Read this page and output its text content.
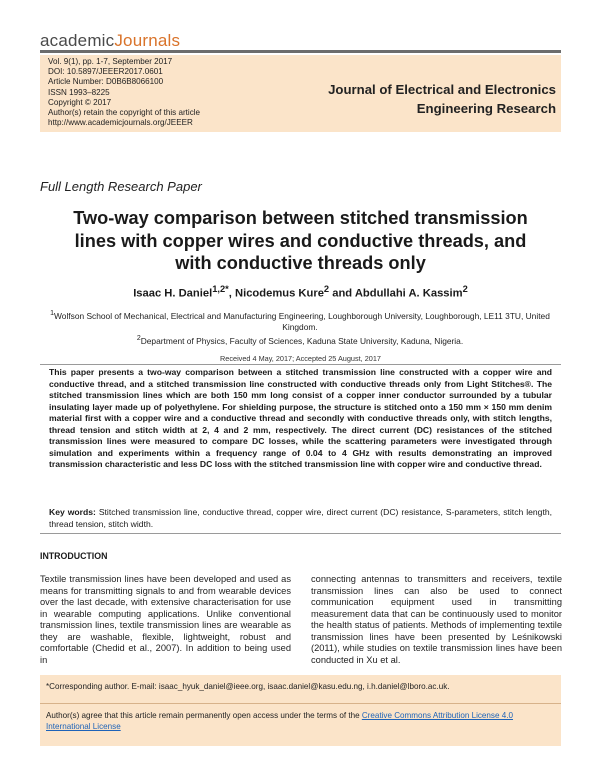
academicJournals
Vol. 9(1), pp. 1-7, September 2017
DOI: 10.5897/JEEER2017.0601
Article Number: D0B6B8066100
ISSN 1993–8225
Copyright © 2017
Author(s) retain the copyright of this article
http://www.academicjournals.org/JEEER
Journal of Electrical and Electronics
Engineering Research
Full Length Research Paper
Two-way comparison between stitched transmission
lines with copper wires and conductive threads, and
with conductive threads only
Isaac H. Daniel$^{1,2*}$, Nicodemus Kure$^2$ and Abdullahi A. Kassim$^2$
$^1$Wolfson School of Mechanical, Electrical and Manufacturing Engineering, Loughborough University, Loughborough, LE11 3TU, United Kingdom.
$^2$Department of Physics, Faculty of Sciences, Kaduna State University, Kaduna, Nigeria.
Received 4 May, 2017; Accepted 25 August, 2017
This paper presents a two-way comparison between a stitched transmission line constructed with a copper wire and conductive thread, and a stitched transmission line constructed with conductive threads only from Light Stitches®. The stitched transmission lines which are both 150 mm long consist of a copper inner conductor surrounded by a tubular insulating layer made up of polyethylene. For shielding purpose, the structure is stitched onto a 150 mm × 150 mm denim material first with a copper wire and a conductive thread and secondly with conductive threads only, with stitch lengths, thread tension and stitch width at 2, 4 and 2 mm, respectively. The direct current (DC) resistances of the stitched transmission lines were measured to compare DC losses, while the scattering parameters were investigated through simulation and experiments within a frequency range of 0.04 to 4 GHz with results demonstrating an improved transmission characteristic and less DC loss with the stitched transmission line with copper wire and conductive thread.
Key words: Stitched transmission line, conductive thread, copper wire, direct current (DC) resistance, S-parameters, stitch length, thread tension, stitch width.
INTRODUCTION
Textile transmission lines have been developed and used as means for transmitting signals to and from wearable devices over the last decade, with extensive characterisation for use in wearable computing applications. Unlike conventional transmission lines, textile transmission lines are wearable as they are washable, flexible, lightweight, robust and comfortable (Chedid et al., 2007). In addition to being used in
connecting antennas to transmitters and receivers, textile transmission lines can also be used to connect communication equipment used in transmitting measurement data that can be continuously used to monitor the health status of patients. Methods of implementing textile transmission lines have been presented by Leśnikowski (2011), while studies on textile transmission lines have been conducted in Xu et al.
*Corresponding author. E-mail: isaac_hyuk_daniel@ieee.org, isaac.daniel@kasu.edu.ng, i.h.daniel@lboro.ac.uk.
Author(s) agree that this article remain permanently open access under the terms of the Creative Commons Attribution License 4.0 International License
